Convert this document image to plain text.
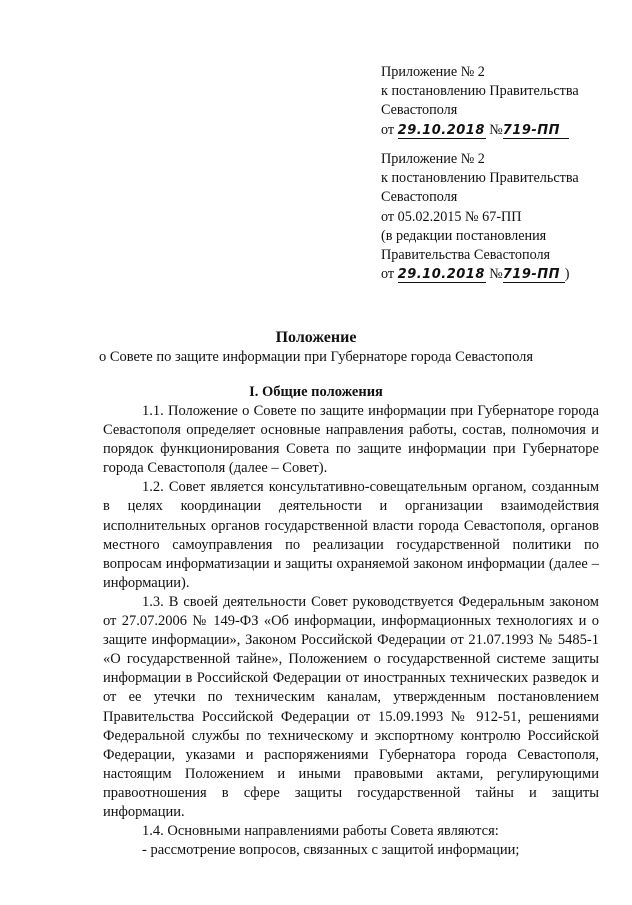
Приложение № 2
к постановлению Правительства
Севастополя
от 29.10.2018 №719-ПП
Приложение № 2
к постановлению Правительства
Севастополя
от 05.02.2015 № 67-ПП
(в редакции постановления
Правительства Севастополя
от 29.10.2018 №719-ПП )
Положение
о Совете по защите информации при Губернаторе города Севастополя
I. Общие положения

1.1. Положение о Совете по защите информации при Губернаторе города Севастополя определяет основные направления работы, состав, полномочия и порядок функционирования Совета по защите информации при Губернаторе города Севастополя (далее – Совет).

1.2. Совет является консультативно-совещательным органом, созданным в целях координации деятельности и организации взаимодействия исполнительных органов государственной власти города Севастополя, органов местного самоуправления по реализации государственной политики по вопросам информатизации и защиты охраняемой законом информации (далее – информации).

1.3. В своей деятельности Совет руководствуется Федеральным законом от 27.07.2006 № 149-ФЗ «Об информации, информационных технологиях и о защите информации», Законом Российской Федерации от 21.07.1993 № 5485-1 «О государственной тайне», Положением о государственной системе защиты информации в Российской Федерации от иностранных технических разведок и от ее утечки по техническим каналам, утвержденным постановлением Правительства Российской Федерации от 15.09.1993 № 912-51, решениями Федеральной службы по техническому и экспортному контролю Российской Федерации, указами и распоряжениями Губернатора города Севастополя, настоящим Положением и иными правовыми актами, регулирующими правоотношения в сфере защиты государственной тайны и защиты информации.

1.4. Основными направлениями работы Совета являются:

- рассмотрение вопросов, связанных с защитой информации;
